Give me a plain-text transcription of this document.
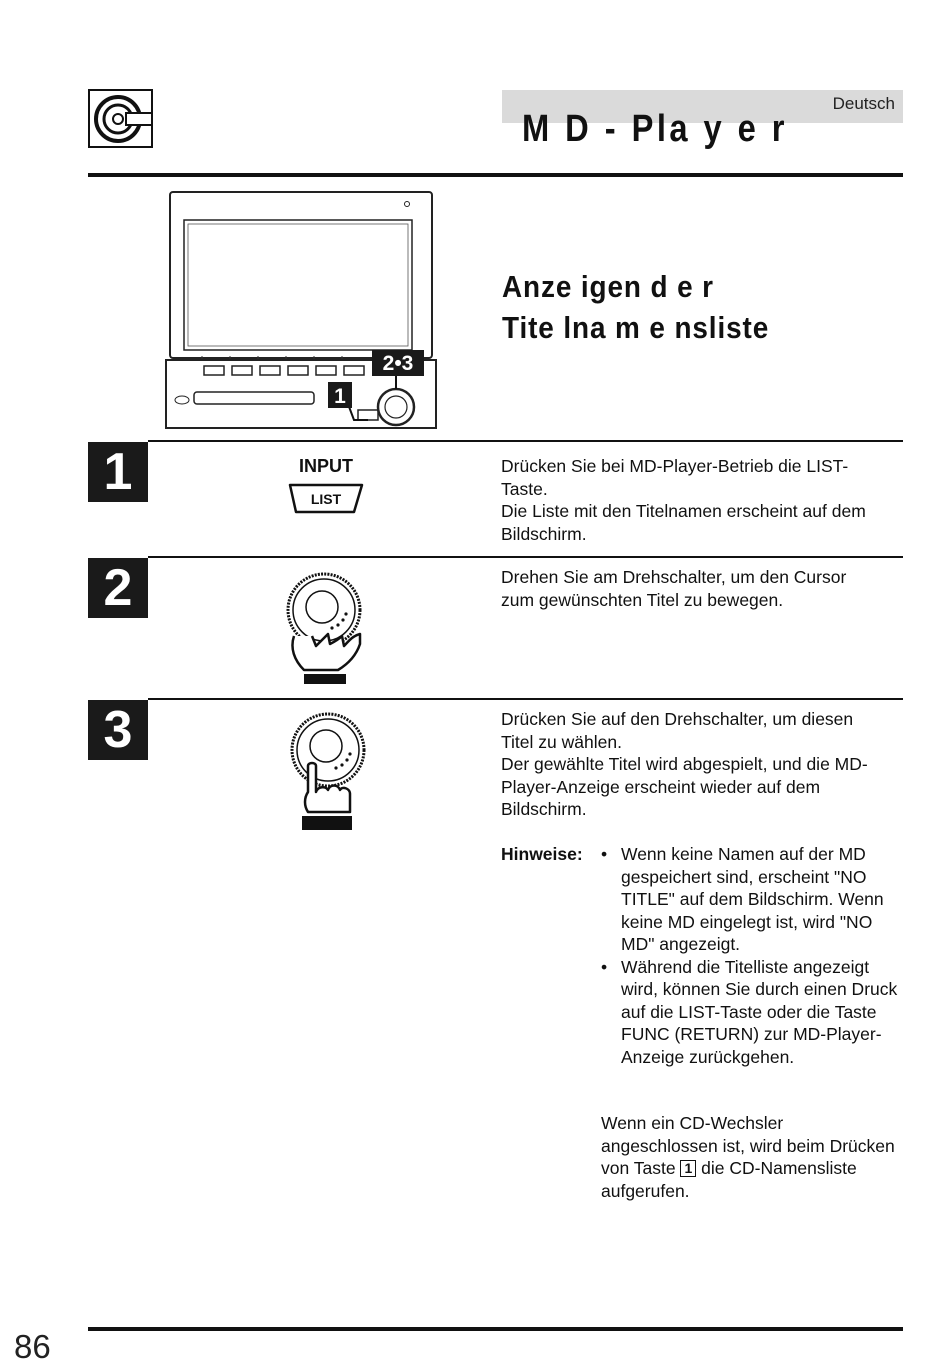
Deutsch
M D - Pla y e r
2•3
1
Anze igen d e r
Tite lna m e nsliste
1	INPUT
LIST

Drücken Sie bei MD-Player-Betrieb die LIST-

Taste.

Die Liste mit den Titelnamen erscheint auf dem

Bildschirm.

2	Drehen Sie am Drehschalter, um den Cursor

zum gewünschten Titel zu bewegen.

3	Drücken Sie auf den Drehschalter, um diesen

Titel zu wählen.

Der gewählte Titel wird abgespielt, und die MD-

Player-Anzeige erscheint wieder auf dem

Bildschirm.

Hinweise:	• Wenn keine Namen auf der MD gespeichert sind, erscheint "NO TITLE" auf dem Bildschirm. Wenn keine MD eingelegt ist, wird "NO MD" angezeigt.
• Während die Titelliste angezeigt wird, können Sie durch einen Druck auf die LIST-Taste oder die Taste FUNC (RETURN) zur MD-Player-Anzeige zurückgehen.
Wenn ein CD-Wechsler angeschlossen ist, wird beim Drücken von Taste 1 die CD-Namensliste aufgerufen.
86
